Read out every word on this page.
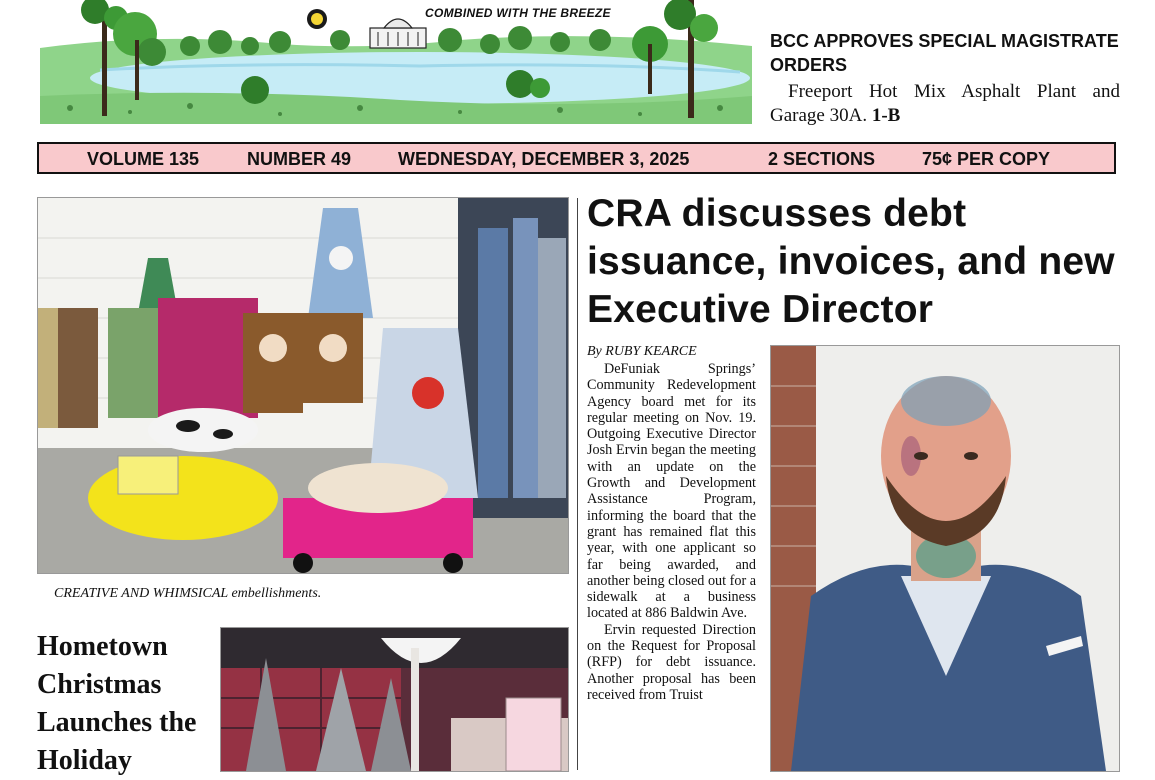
COMBINED WITH THE BREEZE
BCC APPROVES SPECIAL MAGISTRATE ORDERS
Freeport Hot Mix Asphalt Plant and Garage 30A. 1-B
VOLUME 135	NUMBER 49	WEDNESDAY, DECEMBER 3, 2025	2 SECTIONS	75¢ PER COPY
CREATIVE AND WHIMSICAL embellishments.
Hometown Christmas Launches the Holiday
CRA discusses debt issuance, invoices, and new Executive Director
By RUBY KEARCE

DeFuniak Springs’ Community Redevelopment Agency board met for its regular meeting on Nov. 19. Outgoing Executive Director Josh Ervin began the meeting with an update on the Growth and Development Assistance Program, informing the board that the grant has remained flat this year, with one applicant so far being awarded, and another being closed out for a sidewalk at a business located at 886 Baldwin Ave.

Ervin requested Direction on the Request for Proposal (RFP) for debt issuance. Another proposal has been received from Truist
